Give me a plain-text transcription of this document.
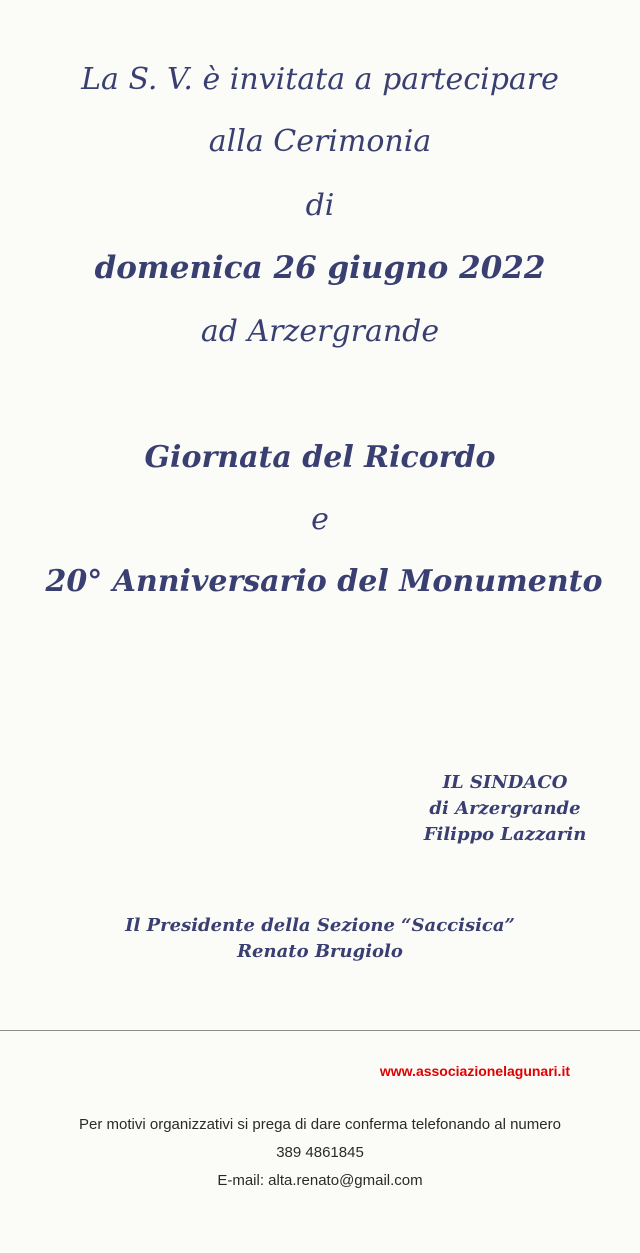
La S. V. è invitata a partecipare
alla Cerimonia
di
domenica 26 giugno 2022
ad Arzergrande
Giornata del Ricordo
e
20° Anniversario del Monumento
IL SINDACO
di Arzergrande
Filippo Lazzarin
Il Presidente della Sezione “Saccisica”
Renato Brugiolo
www.associazionelagunari.it
Per motivi organizzativi si prega di dare conferma telefonando al numero
389 4861845
E-mail: alta.renato@gmail.com
